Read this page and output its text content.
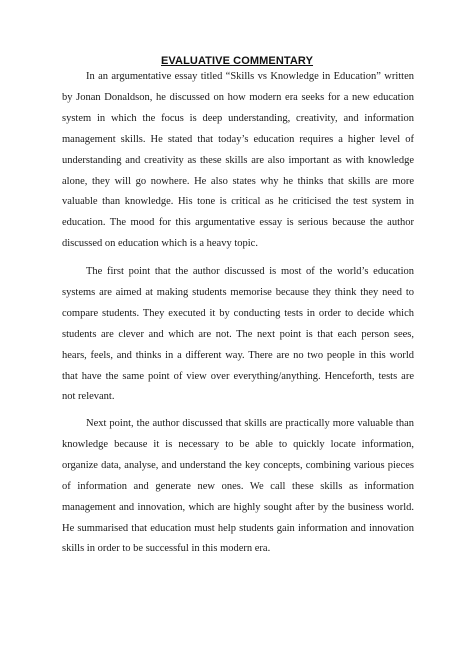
EVALUATIVE COMMENTARY

In an argumentative essay titled “Skills vs Knowledge in Education” written by Jonan Donaldson, he discussed on how modern era seeks for a new education system in which the focus is deep understanding, creativity, and information management skills. He stated that today’s education requires a higher level of understanding and creativity as these skills are also important as with knowledge alone, they will go nowhere. He also states why he thinks that skills are more valuable than knowledge. His tone is critical as he criticised the test system in education. The mood for this argumentative essay is serious because the author discussed on education which is a heavy topic.

The first point that the author discussed is most of the world’s education systems are aimed at making students memorise because they think they need to compare students. They executed it by conducting tests in order to decide which students are clever and which are not. The next point is that each person sees, hears, feels, and thinks in a different way. There are no two people in this world that have the same point of view over everything/anything. Henceforth, tests are not relevant.

Next point, the author discussed that skills are practically more valuable than knowledge because it is necessary to be able to quickly locate information, organize data, analyse, and understand the key concepts, combining various pieces of information and generate new ones. We call these skills as information management and innovation, which are highly sought after by the business world. He summarised that education must help students gain information and innovation skills in order to be successful in this modern era.
